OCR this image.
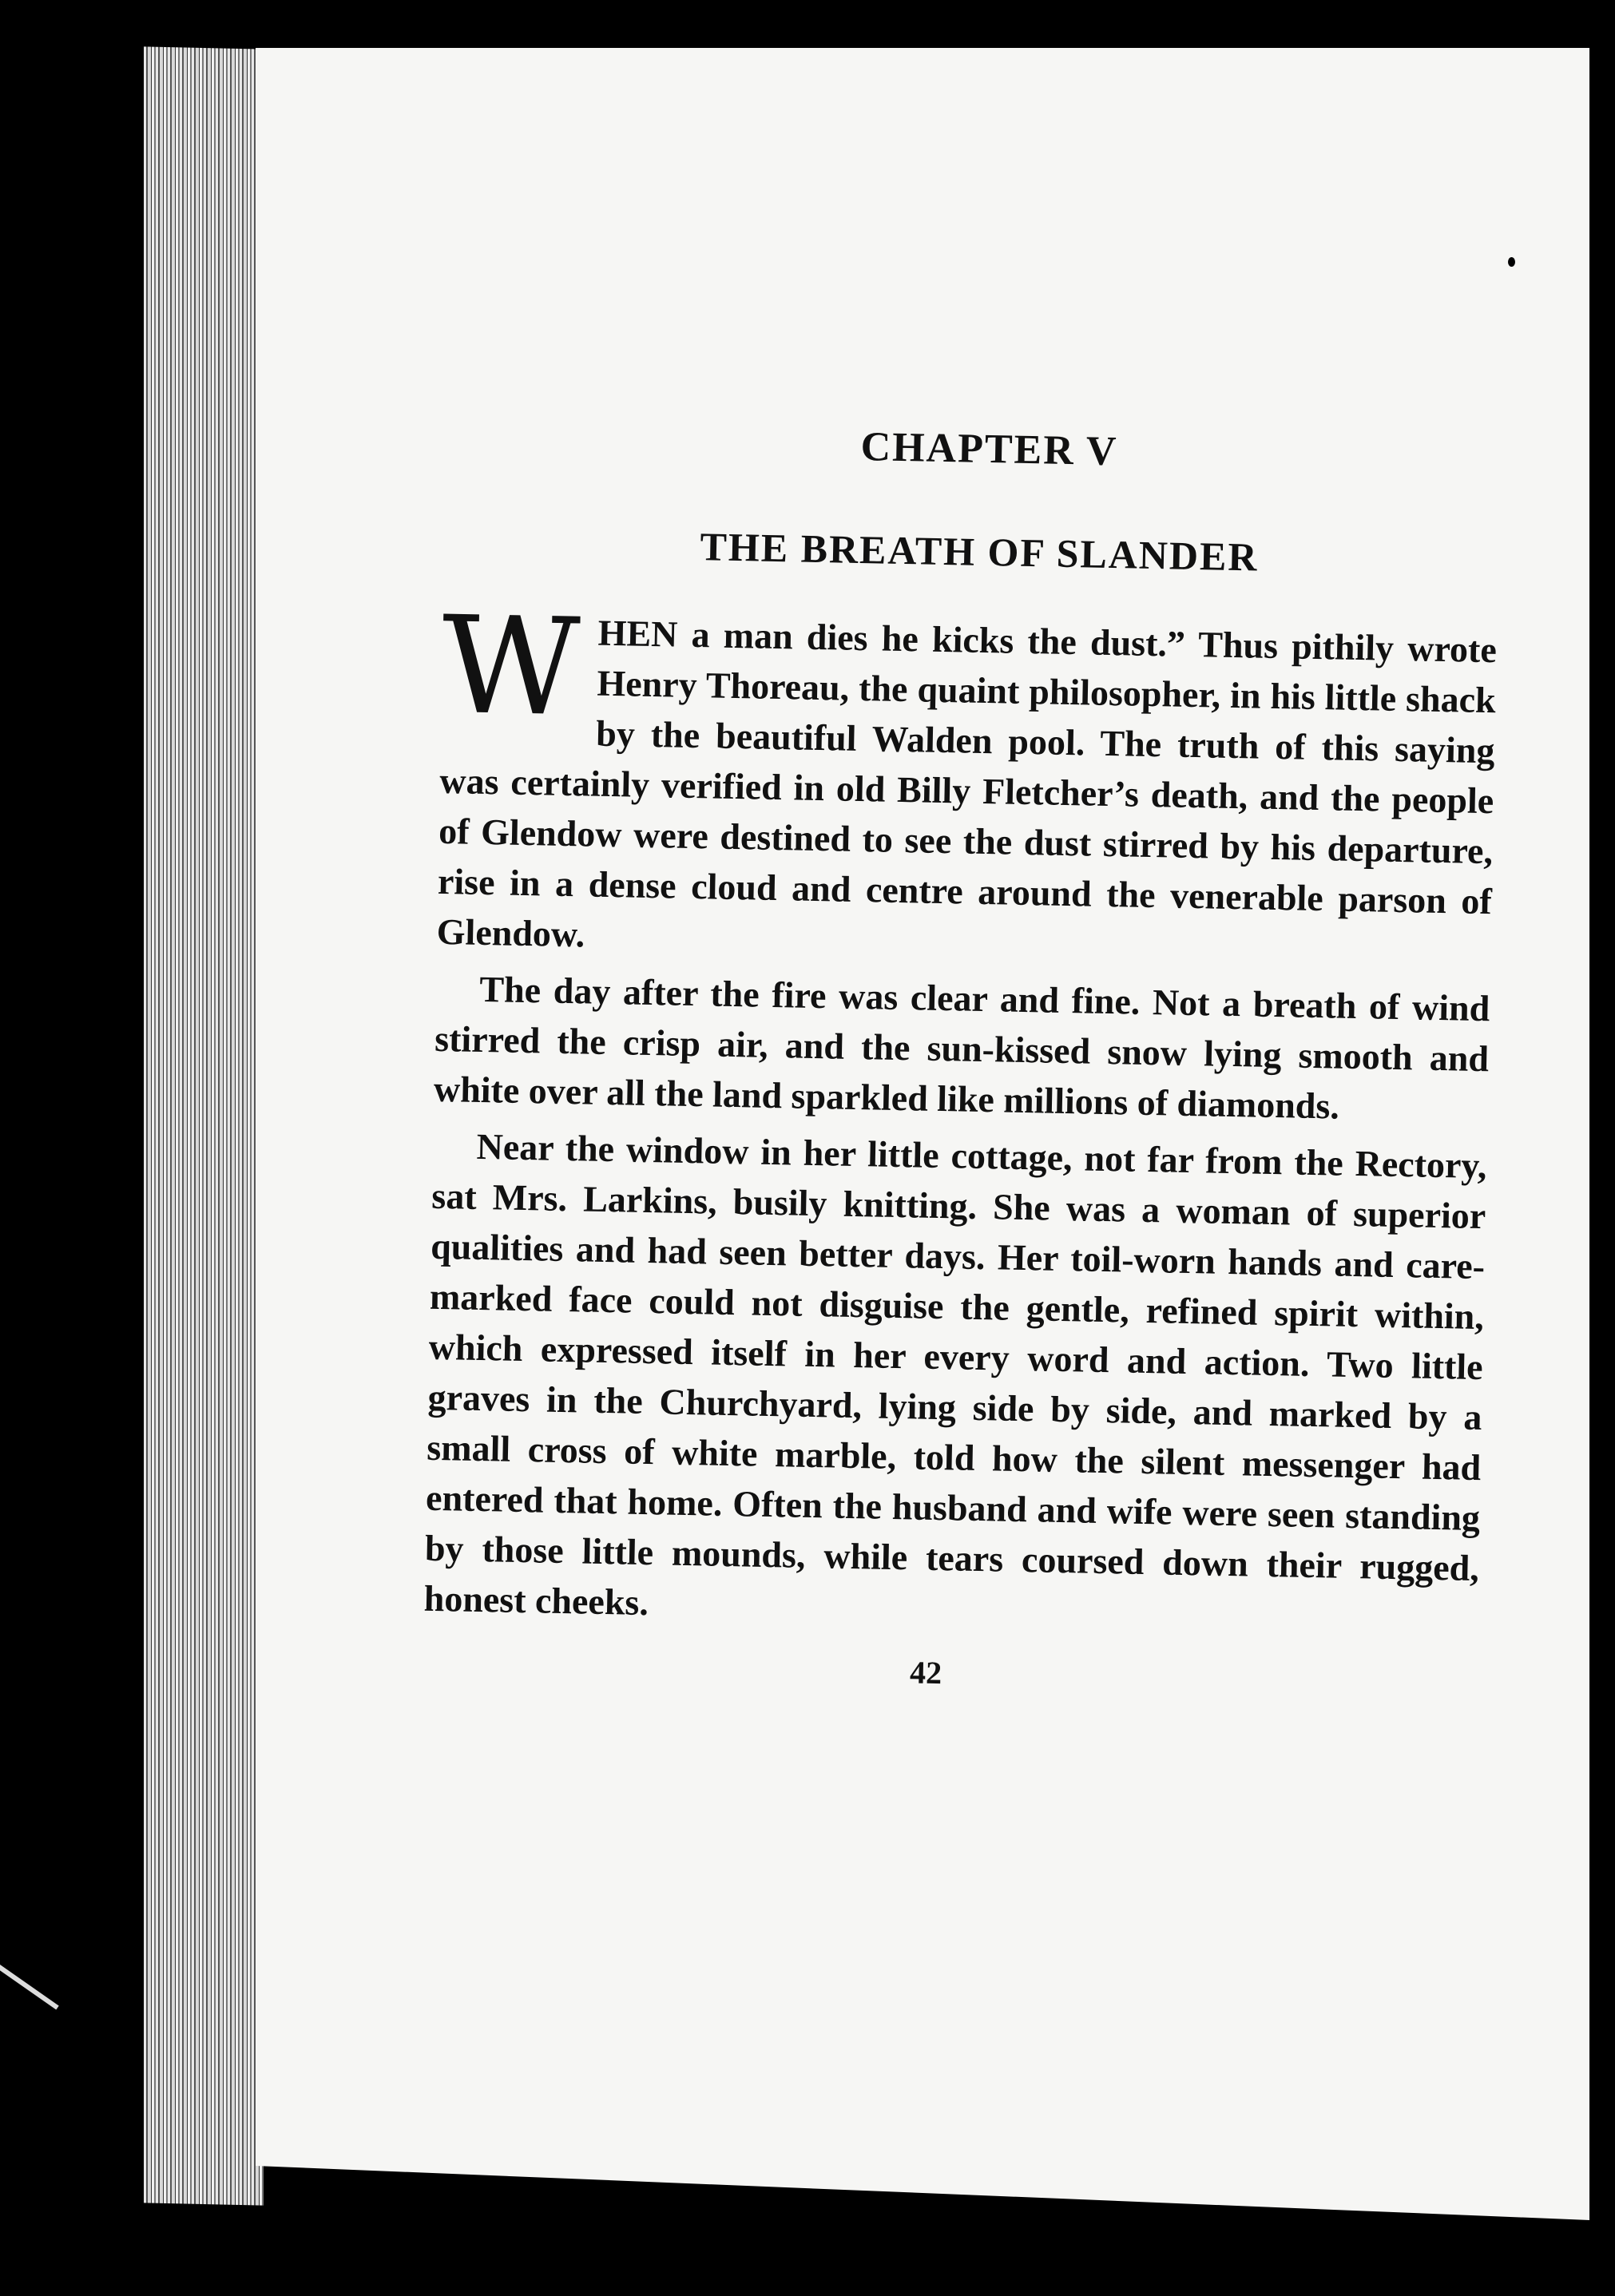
CHAPTER V
THE BREATH OF SLANDER

WHEN a man dies he kicks the dust.” Thus pithily wrote Henry Thoreau, the quaint philosopher, in his little shack by the beautiful Walden pool. The truth of this saying was certainly verified in old Billy Fletcher’s death, and the people of Glendow were destined to see the dust stirred by his departure, rise in a dense cloud and centre around the venerable parson of Glendow.

The day after the fire was clear and fine. Not a breath of wind stirred the crisp air, and the sun-kissed snow lying smooth and white over all the land sparkled like millions of diamonds.

Near the window in her little cottage, not far from the Rectory, sat Mrs. Larkins, busily knitting. She was a woman of superior qualities and had seen better days. Her toil-worn hands and care-marked face could not disguise the gentle, refined spirit within, which expressed itself in her every word and action. Two little graves in the Churchyard, lying side by side, and marked by a small cross of white marble, told how the silent messenger had entered that home. Often the husband and wife were seen standing by those little mounds, while tears coursed down their rugged, honest cheeks.

42
